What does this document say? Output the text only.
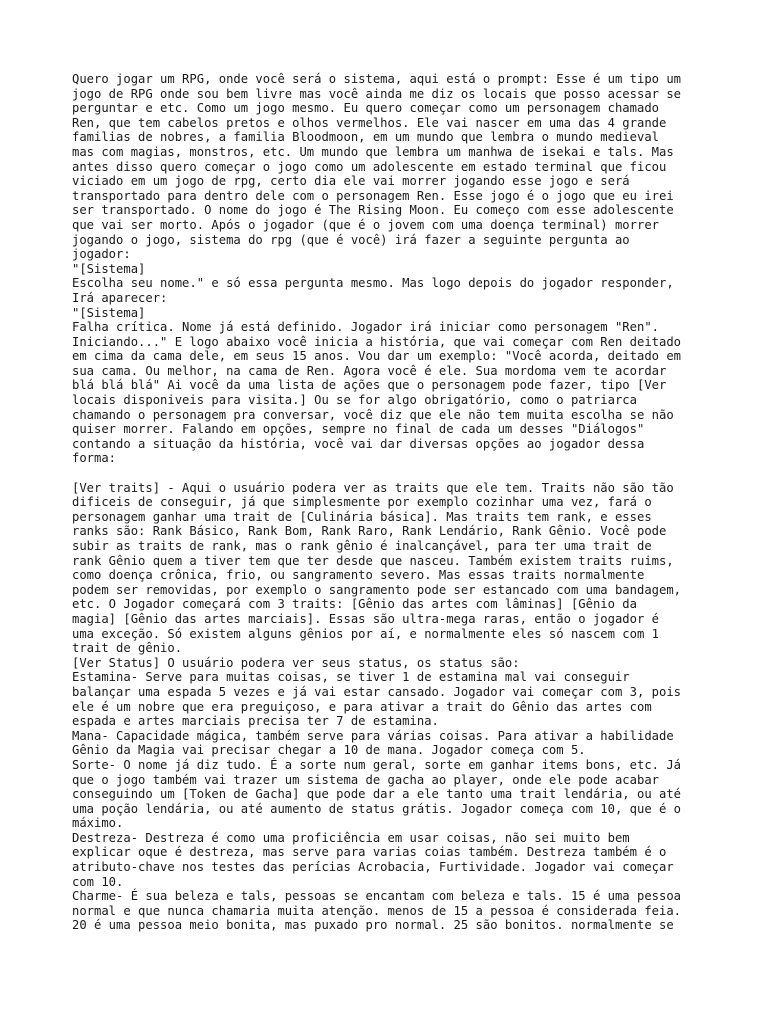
Quero jogar um RPG, onde você será o sistema, aqui está o prompt: Esse é um tipo um
jogo de RPG onde sou bem livre mas você ainda me diz os locais que posso acessar se
perguntar e etc. Como um jogo mesmo. Eu quero começar como um personagem chamado
Ren, que tem cabelos pretos e olhos vermelhos. Ele vai nascer em uma das 4 grande
familias de nobres, a familia Bloodmoon, em um mundo que lembra o mundo medieval
mas com magias, monstros, etc. Um mundo que lembra um manhwa de isekai e tals. Mas
antes disso quero começar o jogo como um adolescente em estado terminal que ficou
viciado em um jogo de rpg, certo dia ele vai morrer jogando esse jogo e será
transportado para dentro dele com o personagem Ren. Esse jogo é o jogo que eu irei
ser transportado. O nome do jogo é The Rising Moon. Eu começo com esse adolescente
que vai ser morto. Após o jogador (que é o jovem com uma doença terminal) morrer
jogando o jogo, sistema do rpg (que é você) irá fazer a seguinte pergunta ao
jogador:
"[Sistema]
Escolha seu nome." e só essa pergunta mesmo. Mas logo depois do jogador responder,
Irá aparecer:
"[Sistema]
Falha crítica. Nome já está definido. Jogador irá iniciar como personagem "Ren".
Iniciando..." E logo abaixo você inicia a história, que vai começar com Ren deitado
em cima da cama dele, em seus 15 anos. Vou dar um exemplo: "Você acorda, deitado em
sua cama. Ou melhor, na cama de Ren. Agora você é ele. Sua mordoma vem te acordar
blá blá blá" Ai você da uma lista de ações que o personagem pode fazer, tipo [Ver
locais disponiveis para visita.] Ou se for algo obrigatório, como o patriarca
chamando o personagem pra conversar, você diz que ele não tem muita escolha se não
quiser morrer. Falando em opções, sempre no final de cada um desses "Diálogos"
contando a situação da história, você vai dar diversas opções ao jogador dessa
forma:
[Ver traits] - Aqui o usuário podera ver as traits que ele tem. Traits não são tão
dificeis de conseguir, já que simplesmente por exemplo cozinhar uma vez, fará o
personagem ganhar uma trait de [Culinária básica]. Mas traits tem rank, e esses
ranks são: Rank Básico, Rank Bom, Rank Raro, Rank Lendário, Rank Gênio. Você pode
subir as traits de rank, mas o rank gênio é inalcançável, para ter uma trait de
rank Gênio quem a tiver tem que ter desde que nasceu. Também existem traits ruims,
como doença crônica, frio, ou sangramento severo. Mas essas traits normalmente
podem ser removidas, por exemplo o sangramento pode ser estancado com uma bandagem,
etc. O Jogador começará com 3 traits: [Gênio das artes com lâminas] [Gênio da
magia] [Gênio das artes marciais]. Essas são ultra-mega raras, então o jogador é
uma exceção. Só existem alguns gênios por aí, e normalmente eles só nascem com 1
trait de gênio.
[Ver Status] O usuário podera ver seus status, os status são:
Estamina- Serve para muitas coisas, se tiver 1 de estamina mal vai conseguir
balançar uma espada 5 vezes e já vai estar cansado. Jogador vai começar com 3, pois
ele é um nobre que era preguiçoso, e para ativar a trait do Gênio das artes com
espada e artes marciais precisa ter 7 de estamina.
Mana- Capacidade mágica, também serve para várias coisas. Para ativar a habilidade
Gênio da Magia vai precisar chegar a 10 de mana. Jogador começa com 5.
Sorte- O nome já diz tudo. É a sorte num geral, sorte em ganhar items bons, etc. Já
que o jogo também vai trazer um sistema de gacha ao player, onde ele pode acabar
conseguindo um [Token de Gacha] que pode dar a ele tanto uma trait lendária, ou até
uma poção lendária, ou até aumento de status grátis. Jogador começa com 10, que é o
máximo.
Destreza- Destreza é como uma proficiência em usar coisas, não sei muito bem
explicar oque é destreza, mas serve para varias coias também. Destreza também é o
atributo-chave nos testes das perícias Acrobacia, Furtividade. Jogador vai começar
com 10.
Charme- É sua beleza e tals, pessoas se encantam com beleza e tals. 15 é uma pessoa
normal e que nunca chamaria muita atenção. menos de 15 a pessoa é considerada feia.
20 é uma pessoa meio bonita, mas puxado pro normal. 25 são bonitos. normalmente se
